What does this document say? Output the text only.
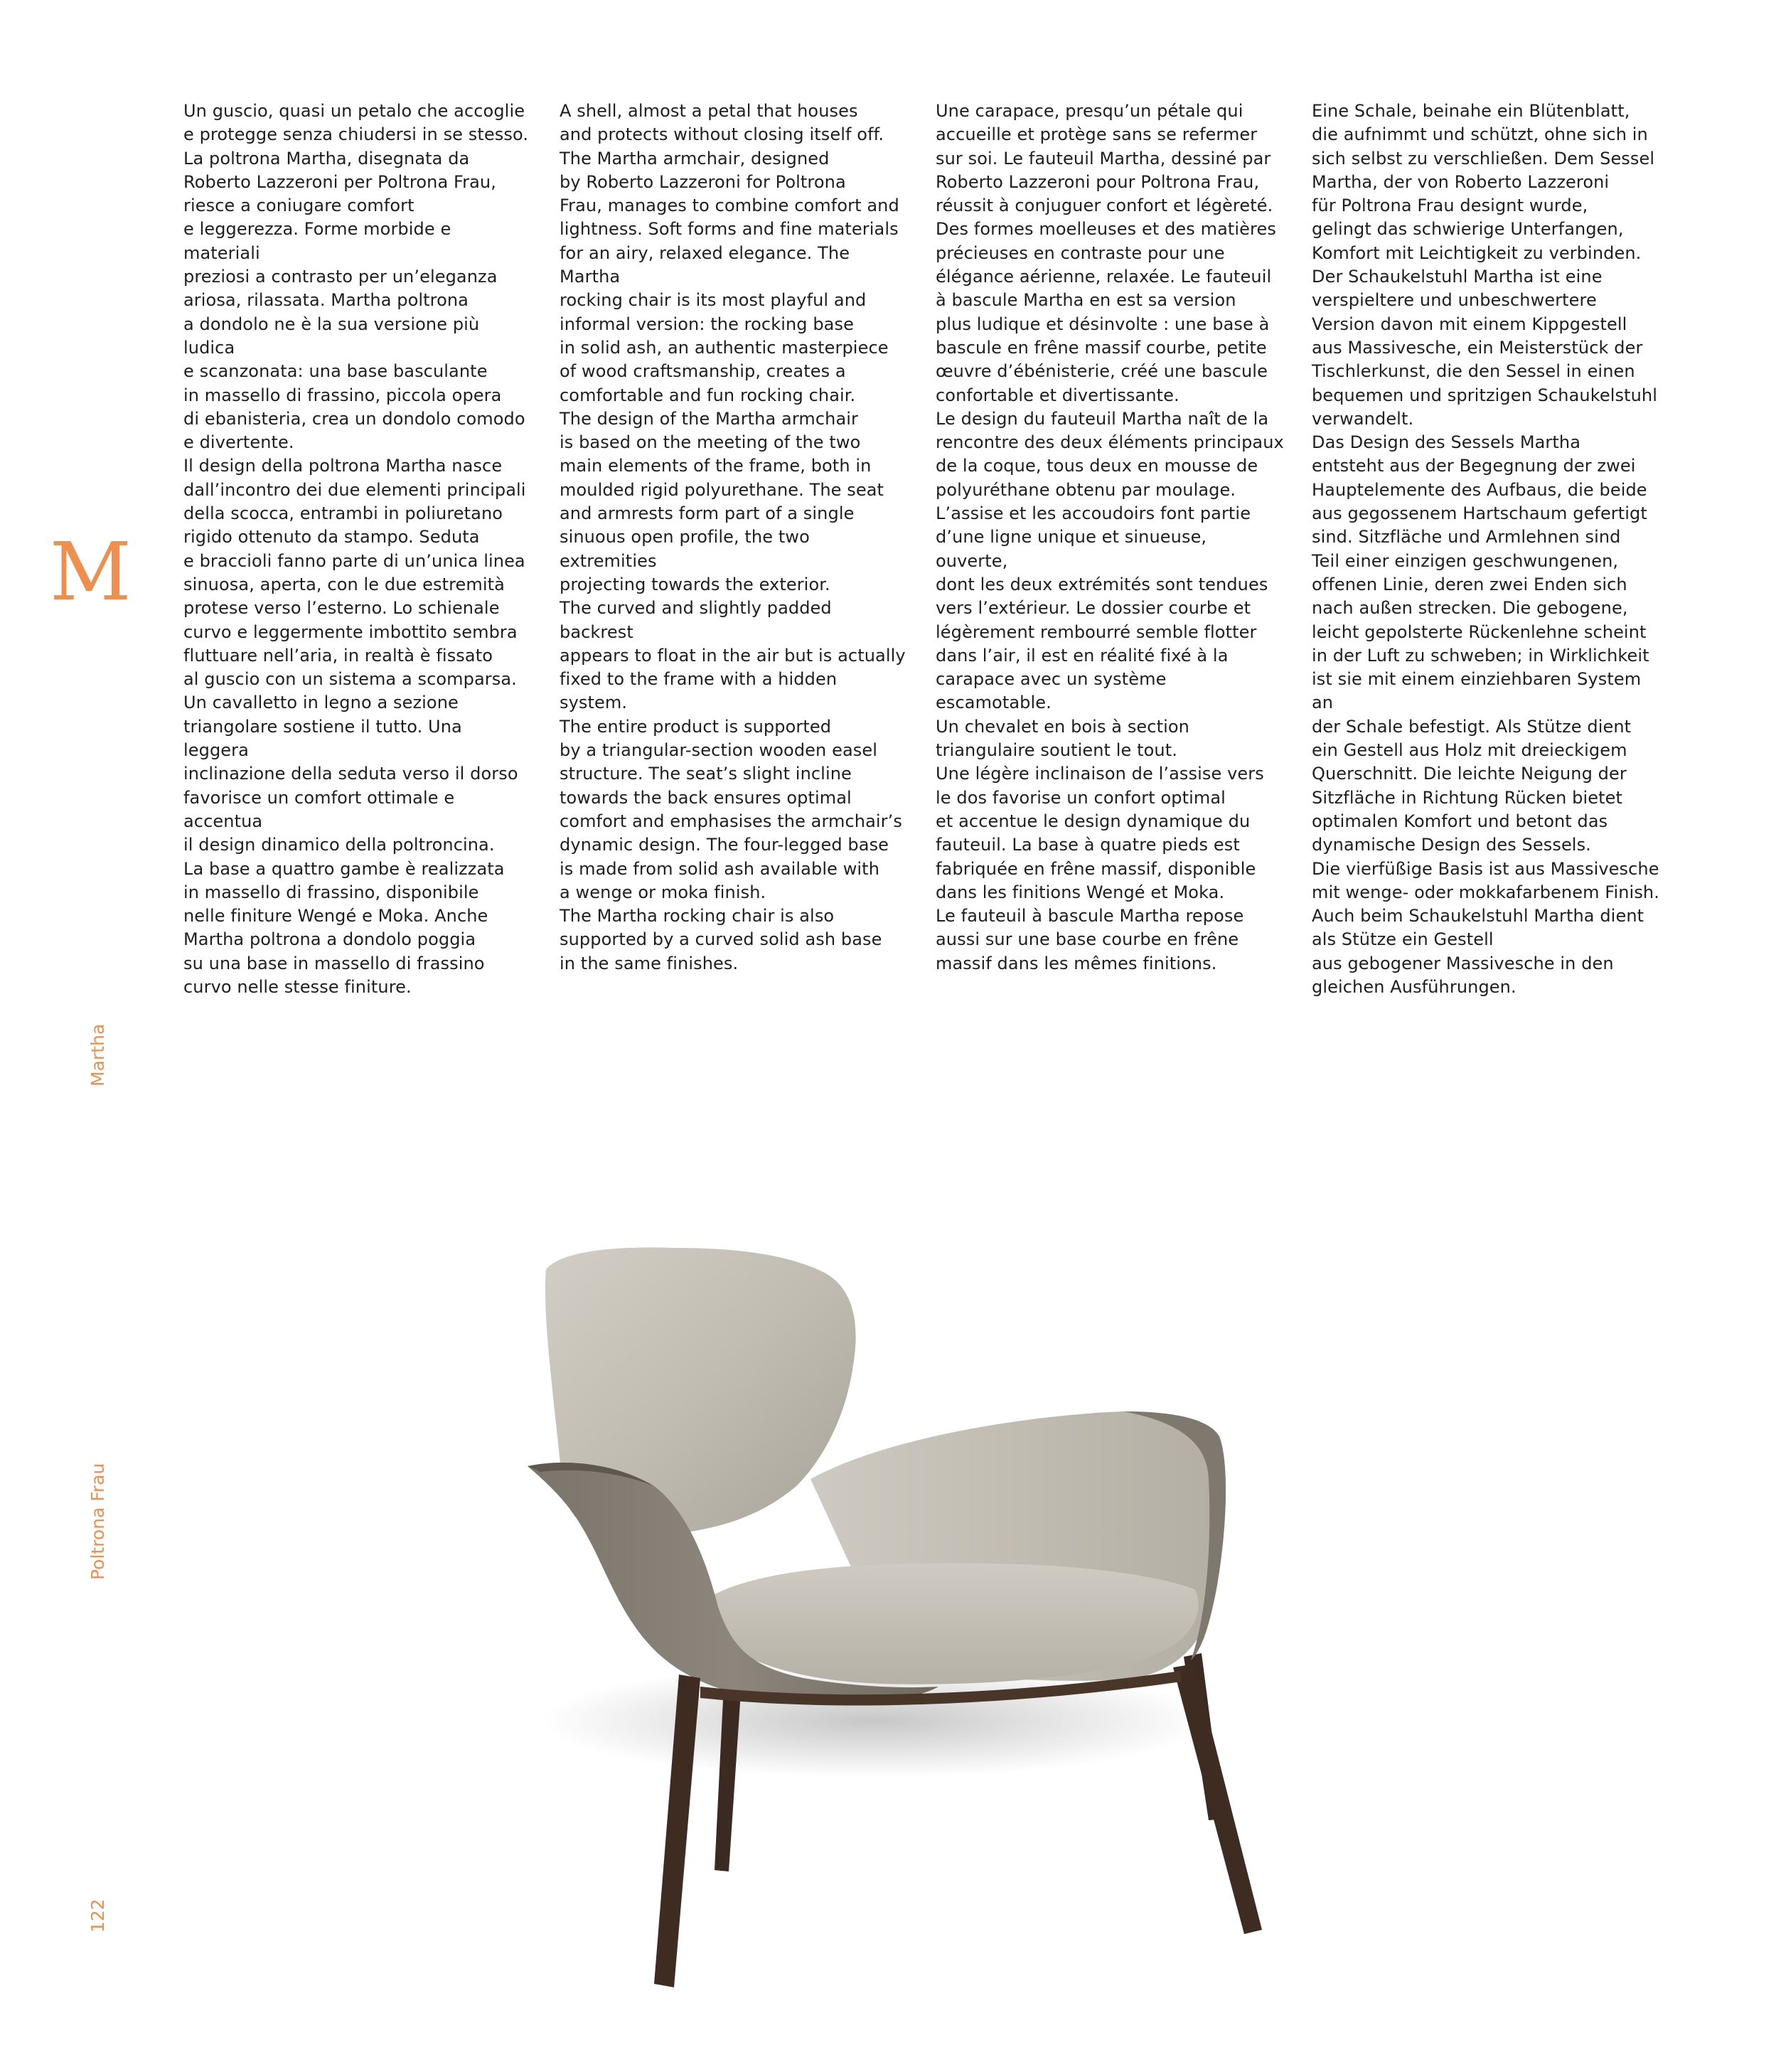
Un guscio, quasi un petalo che accoglie
e protegge senza chiudersi in se stesso.
La poltrona Martha, disegnata da
Roberto Lazzeroni per Poltrona Frau,
riesce a coniugare comfort
e leggerezza. Forme morbide e materiali
preziosi a contrasto per un’eleganza
ariosa, rilassata. Martha poltrona
a dondolo ne è la sua versione più ludica
e scanzonata: una base basculante
in massello di frassino, piccola opera
di ebanisteria, crea un dondolo comodo
e divertente.
Il design della poltrona Martha nasce
dall’incontro dei due elementi principali
della scocca, entrambi in poliuretano
rigido ottenuto da stampo. Seduta
e braccioli fanno parte di un’unica linea
sinuosa, aperta, con le due estremità
protese verso l’esterno. Lo schienale
curvo e leggermente imbottito sembra
fluttuare nell’aria, in realtà è fissato
al guscio con un sistema a scomparsa.
Un cavalletto in legno a sezione
triangolare sostiene il tutto. Una leggera
inclinazione della seduta verso il dorso
favorisce un comfort ottimale e accentua
il design dinamico della poltroncina.
La base a quattro gambe è realizzata
in massello di frassino, disponibile
nelle finiture Wengé e Moka. Anche
Martha poltrona a dondolo poggia
su una base in massello di frassino
curvo nelle stesse finiture.
A shell, almost a petal that houses
and protects without closing itself off.
The Martha armchair, designed
by Roberto Lazzeroni for Poltrona
Frau, manages to combine comfort and
lightness. Soft forms and fine materials
for an airy, relaxed elegance. The Martha
rocking chair is its most playful and
informal version: the rocking base
in solid ash, an authentic masterpiece
of wood craftsmanship, creates a
comfortable and fun rocking chair.
The design of the Martha armchair
is based on the meeting of the two
main elements of the frame, both in
moulded rigid polyurethane. The seat
and armrests form part of a single
sinuous open profile, the two extremities
projecting towards the exterior.
The curved and slightly padded backrest
appears to float in the air but is actually
fixed to the frame with a hidden system.
The entire product is supported
by a triangular-section wooden easel
structure. The seat’s slight incline
towards the back ensures optimal
comfort and emphasises the armchair’s
dynamic design. The four-legged base
is made from solid ash available with
a wenge or moka finish.
The Martha rocking chair is also
supported by a curved solid ash base
in the same finishes.
Une carapace, presqu’un pétale qui
accueille et protège sans se refermer
sur soi. Le fauteuil Martha, dessiné par
Roberto Lazzeroni pour Poltrona Frau,
réussit à conjuguer confort et légèreté.
Des formes moelleuses et des matières
précieuses en contraste pour une
élégance aérienne, relaxée. Le fauteuil
à bascule Martha en est sa version
plus ludique et désinvolte : une base à
bascule en frêne massif courbe, petite
œuvre d’ébénisterie, créé une bascule
confortable et divertissante.
Le design du fauteuil Martha naît de la
rencontre des deux éléments principaux
de la coque, tous deux en mousse de
polyuréthane obtenu par moulage.
L’assise et les accoudoirs font partie
d’une ligne unique et sinueuse, ouverte,
dont les deux extrémités sont tendues
vers l’extérieur. Le dossier courbe et
légèrement rembourré semble flotter
dans l’air, il est en réalité fixé à la
carapace avec un système escamotable.
Un chevalet en bois à section
triangulaire soutient le tout.
Une légère inclinaison de l’assise vers
le dos favorise un confort optimal
et accentue le design dynamique du
fauteuil. La base à quatre pieds est
fabriquée en frêne massif, disponible
dans les finitions Wengé et Moka.
Le fauteuil à bascule Martha repose
aussi sur une base courbe en frêne
massif dans les mêmes finitions.
Eine Schale, beinahe ein Blütenblatt,
die aufnimmt und schützt, ohne sich in
sich selbst zu verschließen. Dem Sessel
Martha, der von Roberto Lazzeroni
für Poltrona Frau designt wurde,
gelingt das schwierige Unterfangen,
Komfort mit Leichtigkeit zu verbinden.
Der Schaukelstuhl Martha ist eine
verspieltere und unbeschwertere
Version davon mit einem Kippgestell
aus Massivesche, ein Meisterstück der
Tischlerkunst, die den Sessel in einen
bequemen und spritzigen Schaukelstuhl
verwandelt.
Das Design des Sessels Martha
entsteht aus der Begegnung der zwei
Hauptelemente des Aufbaus, die beide
aus gegossenem Hartschaum gefertigt
sind. Sitzfläche und Armlehnen sind
Teil einer einzigen geschwungenen,
offenen Linie, deren zwei Enden sich
nach außen strecken. Die gebogene,
leicht gepolsterte Rückenlehne scheint
in der Luft zu schweben; in Wirklichkeit
ist sie mit einem einziehbaren System an
der Schale befestigt. Als Stütze dient
ein Gestell aus Holz mit dreieckigem
Querschnitt. Die leichte Neigung der
Sitzfläche in Richtung Rücken bietet
optimalen Komfort und betont das
dynamische Design des Sessels.
Die vierfüßige Basis ist aus Massivesche
mit wenge- oder mokkafarbenem Finish.
Auch beim Schaukelstuhl Martha dient
als Stütze ein Gestell
aus gebogener Massivesche in den
gleichen Ausführungen.
M
Martha
Poltrona Frau
122
